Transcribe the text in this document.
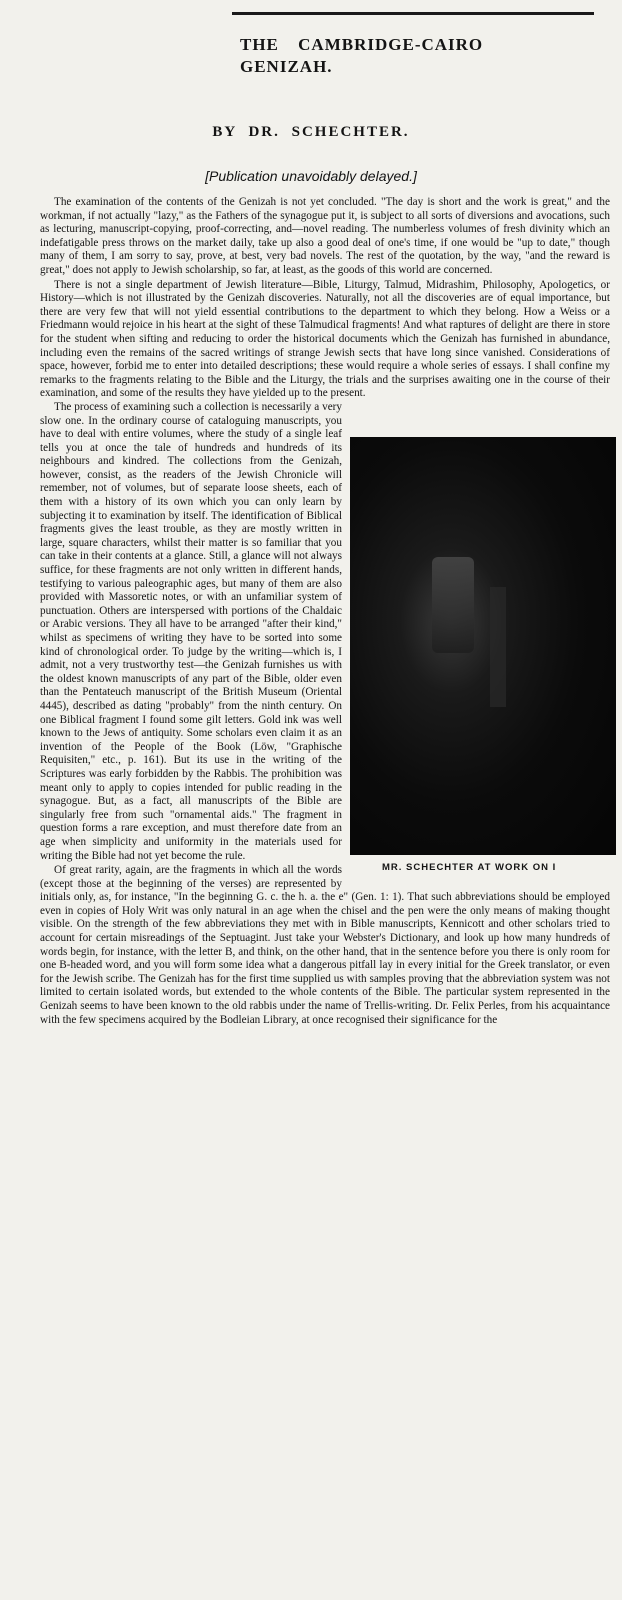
THE CAMBRIDGE-CAIRO
GENIZAH.
BY DR. SCHECHTER.
[Publication unavoidably delayed.]

The examination of the contents of the Genizah is not yet concluded. "The day is short and the work is great," and the workman, if not actually "lazy," as the Fathers of the synagogue put it, is subject to all sorts of diversions and avocations, such as lecturing, manuscript-copying, proof-correcting, and—novel reading. The numberless volumes of fresh divinity which an indefatigable press throws on the market daily, take up also a good deal of one's time, if one would be "up to date," though many of them, I am sorry to say, prove, at best, very bad novels. The rest of the quotation, by the way, "and the reward is great," does not apply to Jewish scholarship, so far, at least, as the goods of this world are concerned.

There is not a single department of Jewish literature—Bible, Liturgy, Talmud, Midrashim, Philosophy, Apologetics, or History—which is not illustrated by the Genizah discoveries. Naturally, not all the discoveries are of equal importance, but there are very few that will not yield essential contributions to the department to which they belong. How a Weiss or a Friedmann would rejoice in his heart at the sight of these Talmudical fragments! And what raptures of delight are there in store for the student when sifting and reducing to order the historical documents which the Genizah has furnished in abundance, including even the remains of the sacred writings of strange Jewish sects that have long since vanished. Considerations of space, however, forbid me to enter into detailed descriptions; these would require a whole series of essays. I shall confine my remarks to the fragments relating to the Bible and the Liturgy, the trials and the surprises awaiting one in the course of their examination, and some of the results they have yielded up to the present.

MR. SCHECHTER AT WORK ON I

The process of examining such a collection is necessarily a very slow one. In the ordinary course of cataloguing manuscripts, you have to deal with entire volumes, where the study of a single leaf tells you at once the tale of hundreds and hundreds of its neighbours and kindred. The collections from the Genizah, however, consist, as the readers of the Jewish Chronicle will remember, not of volumes, but of separate loose sheets, each of them with a history of its own which you can only learn by subjecting it to examination by itself. The identification of Biblical fragments gives the least trouble, as they are mostly written in large, square characters, whilst their matter is so familiar that you can take in their contents at a glance. Still, a glance will not always suffice, for these fragments are not only written in different hands, testifying to various paleographic ages, but many of them are also provided with Massoretic notes, or with an unfamiliar system of punctuation. Others are interspersed with portions of the Chaldaic or Arabic versions. They all have to be arranged "after their kind," whilst as specimens of writing they have to be sorted into some kind of chronological order. To judge by the writing—which is, I admit, not a very trustworthy test—the Genizah furnishes us with the oldest known manuscripts of any part of the Bible, older even than the Pentateuch manuscript of the British Museum (Oriental 4445), described as dating "probably" from the ninth century. On one Biblical fragment I found some gilt letters. Gold ink was well known to the Jews of antiquity. Some scholars even claim it as an invention of the People of the Book (Löw, "Graphische Requisiten," etc., p. 161). But its use in the writing of the Scriptures was early forbidden by the Rabbis. The prohibition was meant only to apply to copies intended for public reading in the synagogue. But, as a fact, all manuscripts of the Bible are singularly free from such "ornamental aids." The fragment in question forms a rare exception, and must therefore date from an age when simplicity and uniformity in the materials used for writing the Bible had not yet become the rule.

Of great rarity, again, are the fragments in which all the words (except those at the beginning of the verses) are represented by initials only, as, for instance, "In the beginning G. c. the h. a. the e" (Gen. 1: 1). That such abbreviations should be employed even in copies of Holy Writ was only natural in an age when the chisel and the pen were the only means of making thought visible. On the strength of the few abbreviations they met with in Bible manuscripts, Kennicott and other scholars tried to account for certain misreadings of the Septuagint. Just take your Webster's Dictionary, and look up how many hundreds of words begin, for instance, with the letter B, and think, on the other hand, that in the sentence before you there is only room for one B-headed word, and you will form some idea what a dangerous pitfall lay in every initial for the Greek translator, or even for the Jewish scribe. The Genizah has for the first time supplied us with samples proving that the abbreviation system was not limited to certain isolated words, but extended to the whole contents of the Bible. The particular system represented in the Genizah seems to have been known to the old rabbis under the name of Trellis-writing. Dr. Felix Perles, from his acquaintance with the few specimens acquired by the Bodleian Library, at once recognised their significance for the
